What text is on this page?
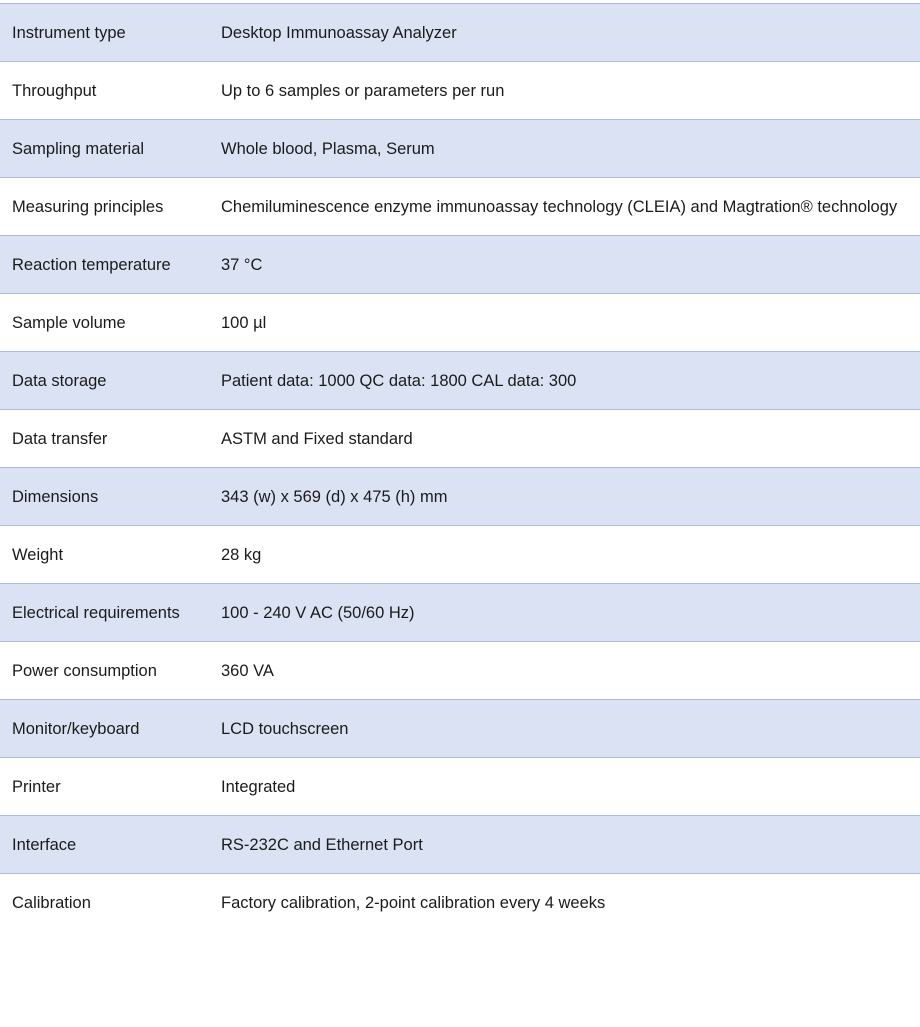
Instrument type	Desktop Immunoassay Analyzer
Throughput	Up to 6 samples or parameters per run
Sampling material	Whole blood, Plasma, Serum
Measuring principles	Chemiluminescence enzyme immunoassay technology (CLEIA) and Magtration® technology
Reaction temperature	37 °C
Sample volume	100 µl
Data storage	Patient data: 1000 QC data: 1800 CAL data: 300
Data transfer	ASTM and Fixed standard
Dimensions	343 (w) x 569 (d) x 475 (h) mm
Weight	28 kg
Electrical requirements	100 - 240 V AC (50/60 Hz)
Power consumption	360 VA
Monitor/keyboard	LCD touchscreen
Printer	Integrated
Interface	RS-232C and Ethernet Port
Calibration	Factory calibration, 2-point calibration every 4 weeks
